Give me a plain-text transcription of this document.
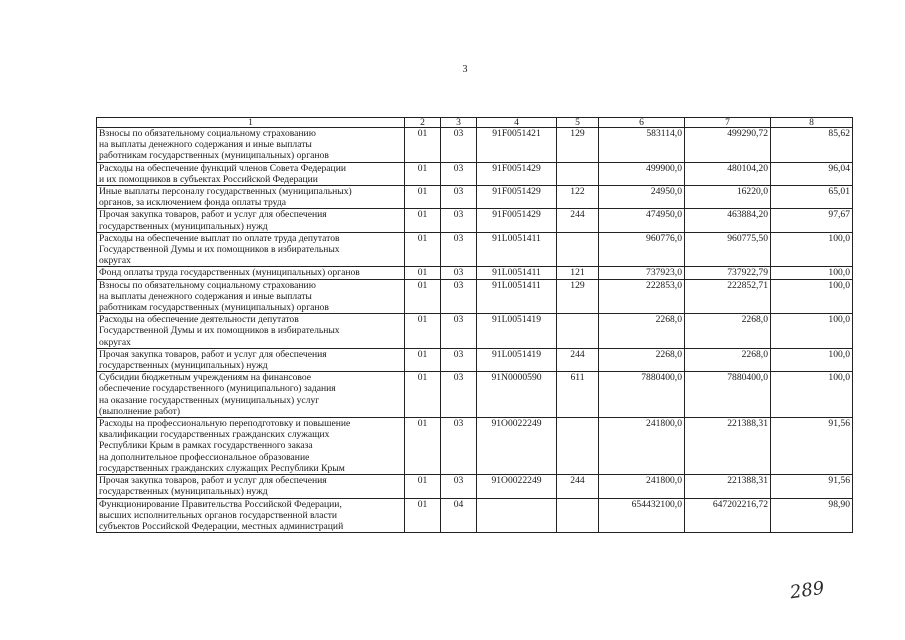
3
1	2	3	4	5	6	7	8

Взносы по обязательному социальному страхованию
на выплаты денежного содержания и иные выплаты
работникам государственных (муниципальных) органов	01	03	91F0051421	129	583114,0	499290,72	85,62

Расходы на обеспечение функций членов Совета Федерации
и их помощников в субъектах Российской Федерации	01	03	91F0051429		499900,0	480104,20	96,04

Иные выплаты персоналу государственных (муниципальных)
органов, за исключением фонда оплаты труда	01	03	91F0051429	122	24950,0	16220,0	65,01

Прочая закупка товаров, работ и услуг для обеспечения
государственных (муниципальных) нужд	01	03	91F0051429	244	474950,0	463884,20	97,67

Расходы на обеспечение выплат по оплате труда депутатов
Государственной Думы и их помощников в избирательных
округах	01	03	91L0051411		960776,0	960775,50	100,0

Фонд оплаты труда государственных (муниципальных) органов	01	03	91L0051411	121	737923,0	737922,79	100,0

Взносы по обязательному социальному страхованию
на выплаты денежного содержания и иные выплаты
работникам государственных (муниципальных) органов	01	03	91L0051411	129	222853,0	222852,71	100,0

Расходы на обеспечение деятельности депутатов
Государственной Думы и их помощников в избирательных
округах	01	03	91L0051419		2268,0	2268,0	100,0

Прочая закупка товаров, работ и услуг для обеспечения
государственных (муниципальных) нужд	01	03	91L0051419	244	2268,0	2268,0	100,0

Субсидии бюджетным учреждениям на финансовое
обеспечение государственного (муниципального) задания
на оказание государственных (муниципальных) услуг
(выполнение работ)	01	03	91N0000590	611	7880400,0	7880400,0	100,0

Расходы на профессиональную переподготовку и повышение
квалификации государственных гражданских служащих
Республики Крым в рамках государственного заказа
на дополнительное профессиональное образование
государственных гражданских служащих Республики Крым	01	03	91O0022249		241800,0	221388,31	91,56

Прочая закупка товаров, работ и услуг для обеспечения
государственных (муниципальных) нужд	01	03	91O0022249	244	241800,0	221388,31	91,56

Функционирование Правительства Российской Федерации,
высших исполнительных органов государственной власти
субъектов Российской Федерации, местных администраций	01	04			654432100,0	647202216,72	98,90
289
